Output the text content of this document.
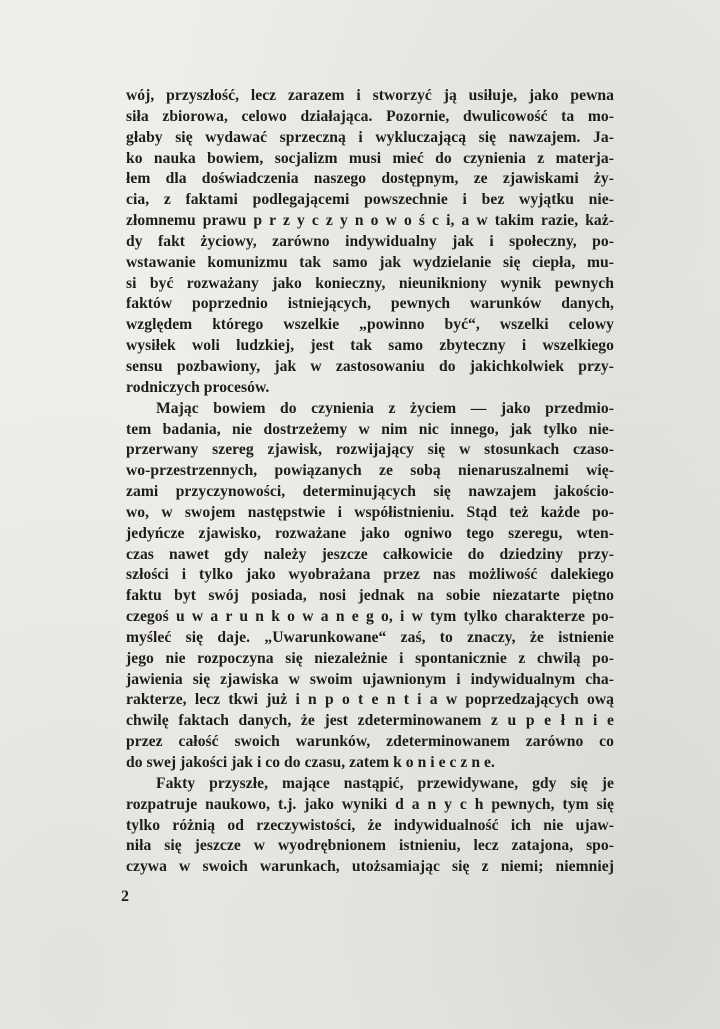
wój, przyszłość, lecz zarazem i stworzyć ją usiłuje, jako pewna
siła zbiorowa, celowo działająca. Pozornie, dwulicowość ta mo-
głaby się wydawać sprzeczną i wykluczającą się nawzajem. Ja-
ko nauka bowiem, socjalizm musi mieć do czynienia z materja-
łem dla doświadczenia naszego dostępnym, ze zjawiskami ży-
cia, z faktami podlegającemi powszechnie i bez wyjątku nie-
złomnemu prawu p r z y c z y n o w o ś c i, a w takim razie, każ-
dy fakt życiowy, zarówno indywidualny jak i społeczny, po-
wstawanie komunizmu tak samo jak wydzielanie się ciepła, mu-
si być rozważany jako konieczny, nieunikniony wynik pewnych
faktów poprzednio istniejących, pewnych warunków danych,
względem którego wszelkie „powinno być“, wszelki celowy
wysiłek woli ludzkiej, jest tak samo zbyteczny i wszelkiego
sensu pozbawiony, jak w zastosowaniu do jakichkolwiek przy-
rodniczych procesów.
Mając bowiem do czynienia z życiem — jako przedmio-
tem badania, nie dostrzeżemy w nim nic innego, jak tylko nie-
przerwany szereg zjawisk, rozwijający się w stosunkach czaso-
wo-przestrzennych, powiązanych ze sobą nienaruszalnemi wię-
zami przyczynowości, determinujących się nawzajem jakościo-
wo, w swojem następstwie i współistnieniu. Stąd też każde po-
jedyńcze zjawisko, rozważane jako ogniwo tego szeregu, wten-
czas nawet gdy należy jeszcze całkowicie do dziedziny przy-
szłości i tylko jako wyobrażana przez nas możliwość dalekiego
faktu byt swój posiada, nosi jednak na sobie niezatarte piętno
czegoś u w a r u n k o w a n e g o, i w tym tylko charakterze po-
myśleć się daje. „Uwarunkowane“ zaś, to znaczy, że istnienie
jego nie rozpoczyna się niezależnie i spontanicznie z chwilą po-
jawienia się zjawiska w swoim ujawnionym i indywidualnym cha-
rakterze, lecz tkwi już i n p o t e n t i a w poprzedzających ową
chwilę faktach danych, że jest zdeterminowanem z u p e ł n i e
przez całość swoich warunków, zdeterminowanem zarówno co
do swej jakości jak i co do czasu, zatem k o n i e c z n e.
Fakty przyszłe, mające nastąpić, przewidywane, gdy się je
rozpatruje naukowo, t.j. jako wyniki d a n y c h pewnych, tym się
tylko różnią od rzeczywistości, że indywidualność ich nie ujaw-
niła się jeszcze w wyodrębnionem istnieniu, lecz zatajona, spo-
czywa w swoich warunkach, utożsamiając się z niemi; niemniej
2
